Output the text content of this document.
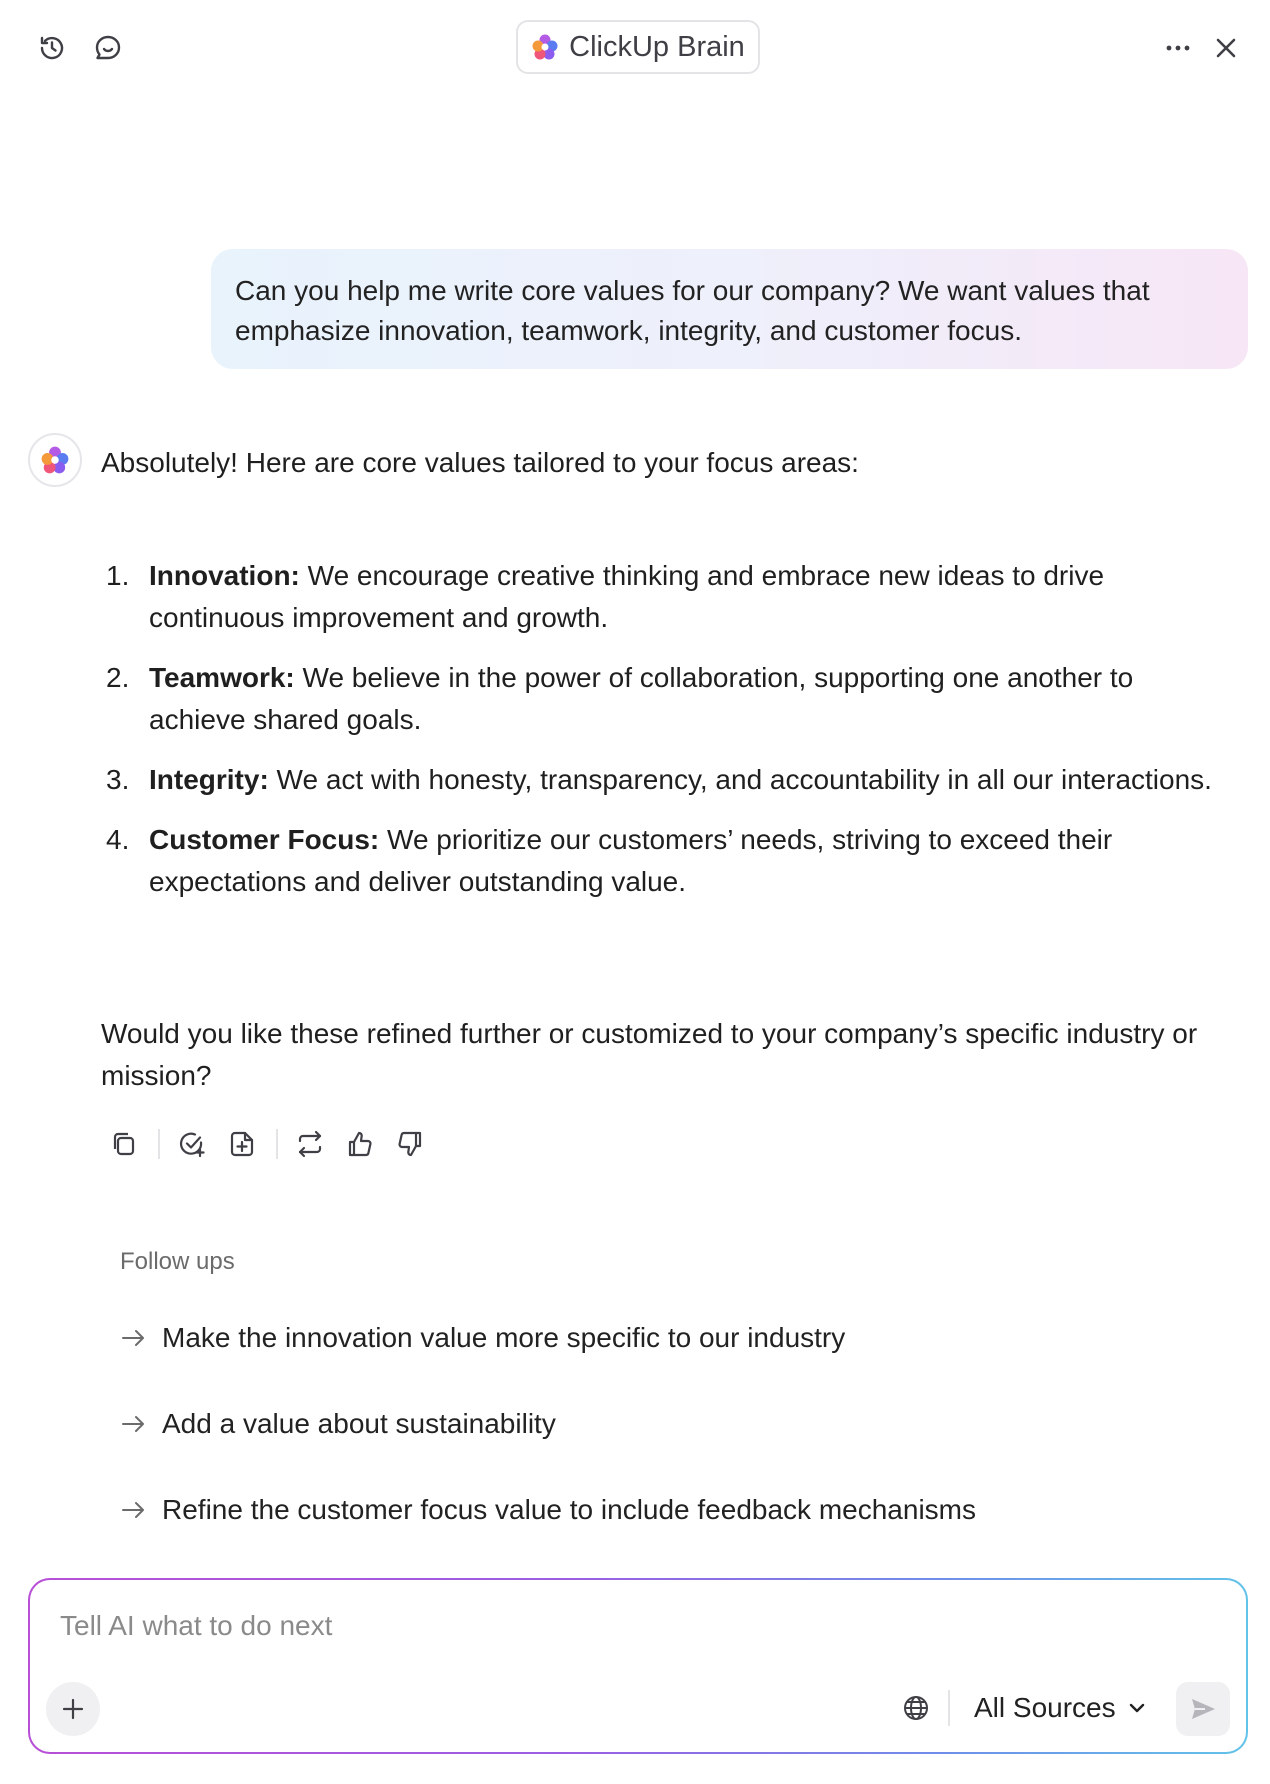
ClickUp Brain
Can you help me write core values for our company? We want values that emphasize innovation, teamwork, integrity, and customer focus.
Absolutely! Here are core values tailored to your focus areas:
1. Innovation: We encourage creative thinking and embrace new ideas to drive continuous improvement and growth.
2. Teamwork: We believe in the power of collaboration, supporting one another to achieve shared goals.
3. Integrity: We act with honesty, transparency, and accountability in all our interactions.
4. Customer Focus: We prioritize our customers’ needs, striving to exceed their expectations and deliver outstanding value.
Would you like these refined further or customized to your company’s specific industry or mission?
Follow ups
Make the innovation value more specific to our industry
Add a value about sustainability
Refine the customer focus value to include feedback mechanisms
Tell AI what to do next
All Sources
